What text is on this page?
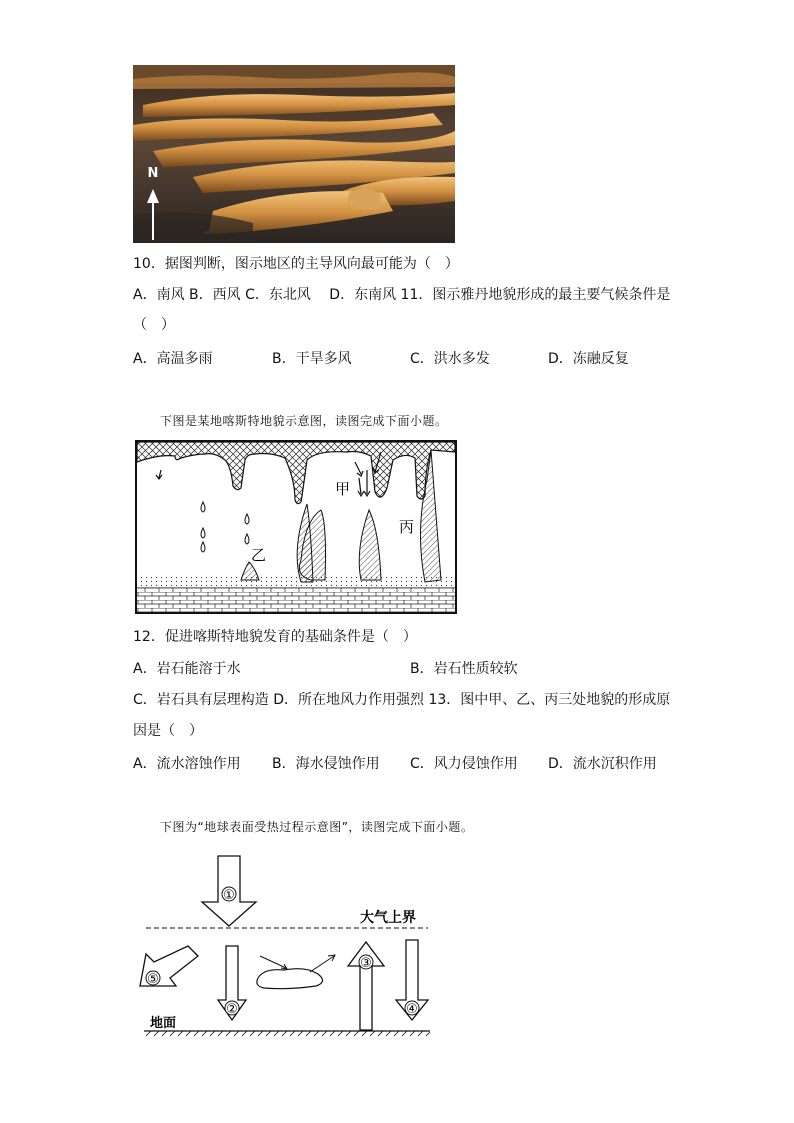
N
10．据图判断，图示地区的主导风向最可能为（　）
A．南风 B．西风 C．东北风　 D．东南风 11．图示雅丹地貌形成的最主要气候条件是
（　）
A．高温多雨	B．干旱多风	C．洪水多发	D．冻融反复
下图是某地喀斯特地貌示意图，读图完成下面小题。
甲
乙
丙
12．促进喀斯特地貌发育的基础条件是（　）
A．岩石能溶于水	B．岩石性质较软
C．岩石具有层理构造 D．所在地风力作用强烈 13．图中甲、乙、丙三处地貌的形成原
因是（　）
A．流水溶蚀作用 B．海水侵蚀作用 C．风力侵蚀作用 D．流水沉积作用
下图为“地球表面受热过程示意图”，读图完成下面小题。
①
大气上界
⑤
②
③
④
地面
